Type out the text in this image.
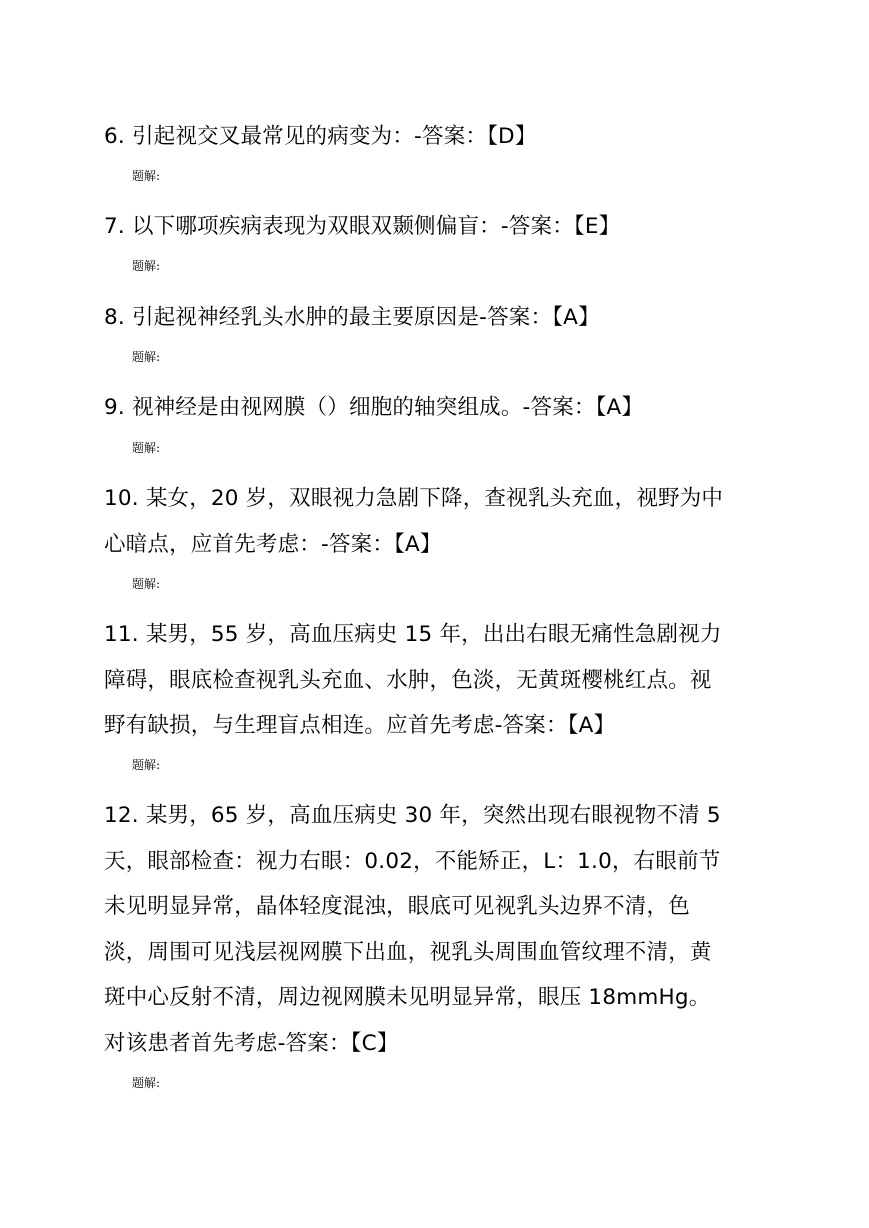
6. 引起视交叉最常见的病变为：-答案：【D】
题解:
7. 以下哪项疾病表现为双眼双颞侧偏盲：-答案：【E】
题解:
8. 引起视神经乳头水肿的最主要原因是-答案：【A】
题解:
9. 视神经是由视网膜（）细胞的轴突组成。-答案：【A】
题解:
10. 某女，20 岁，双眼视力急剧下降，查视乳头充血，视野为中
心暗点，应首先考虑：-答案：【A】
题解:
11. 某男，55 岁，高血压病史 15 年，出出右眼无痛性急剧视力
障碍，眼底检查视乳头充血、水肿，色淡，无黄斑樱桃红点。视
野有缺损，与生理盲点相连。应首先考虑-答案：【A】
题解:
12. 某男，65 岁，高血压病史 30 年，突然出现右眼视物不清 5
天，眼部检查：视力右眼：0.02，不能矫正，L：1.0，右眼前节
未见明显异常，晶体轻度混浊，眼底可见视乳头边界不清，色
淡，周围可见浅层视网膜下出血，视乳头周围血管纹理不清，黄
斑中心反射不清，周边视网膜未见明显异常，眼压 18mmHg。
对该患者首先考虑-答案：【C】
题解:
